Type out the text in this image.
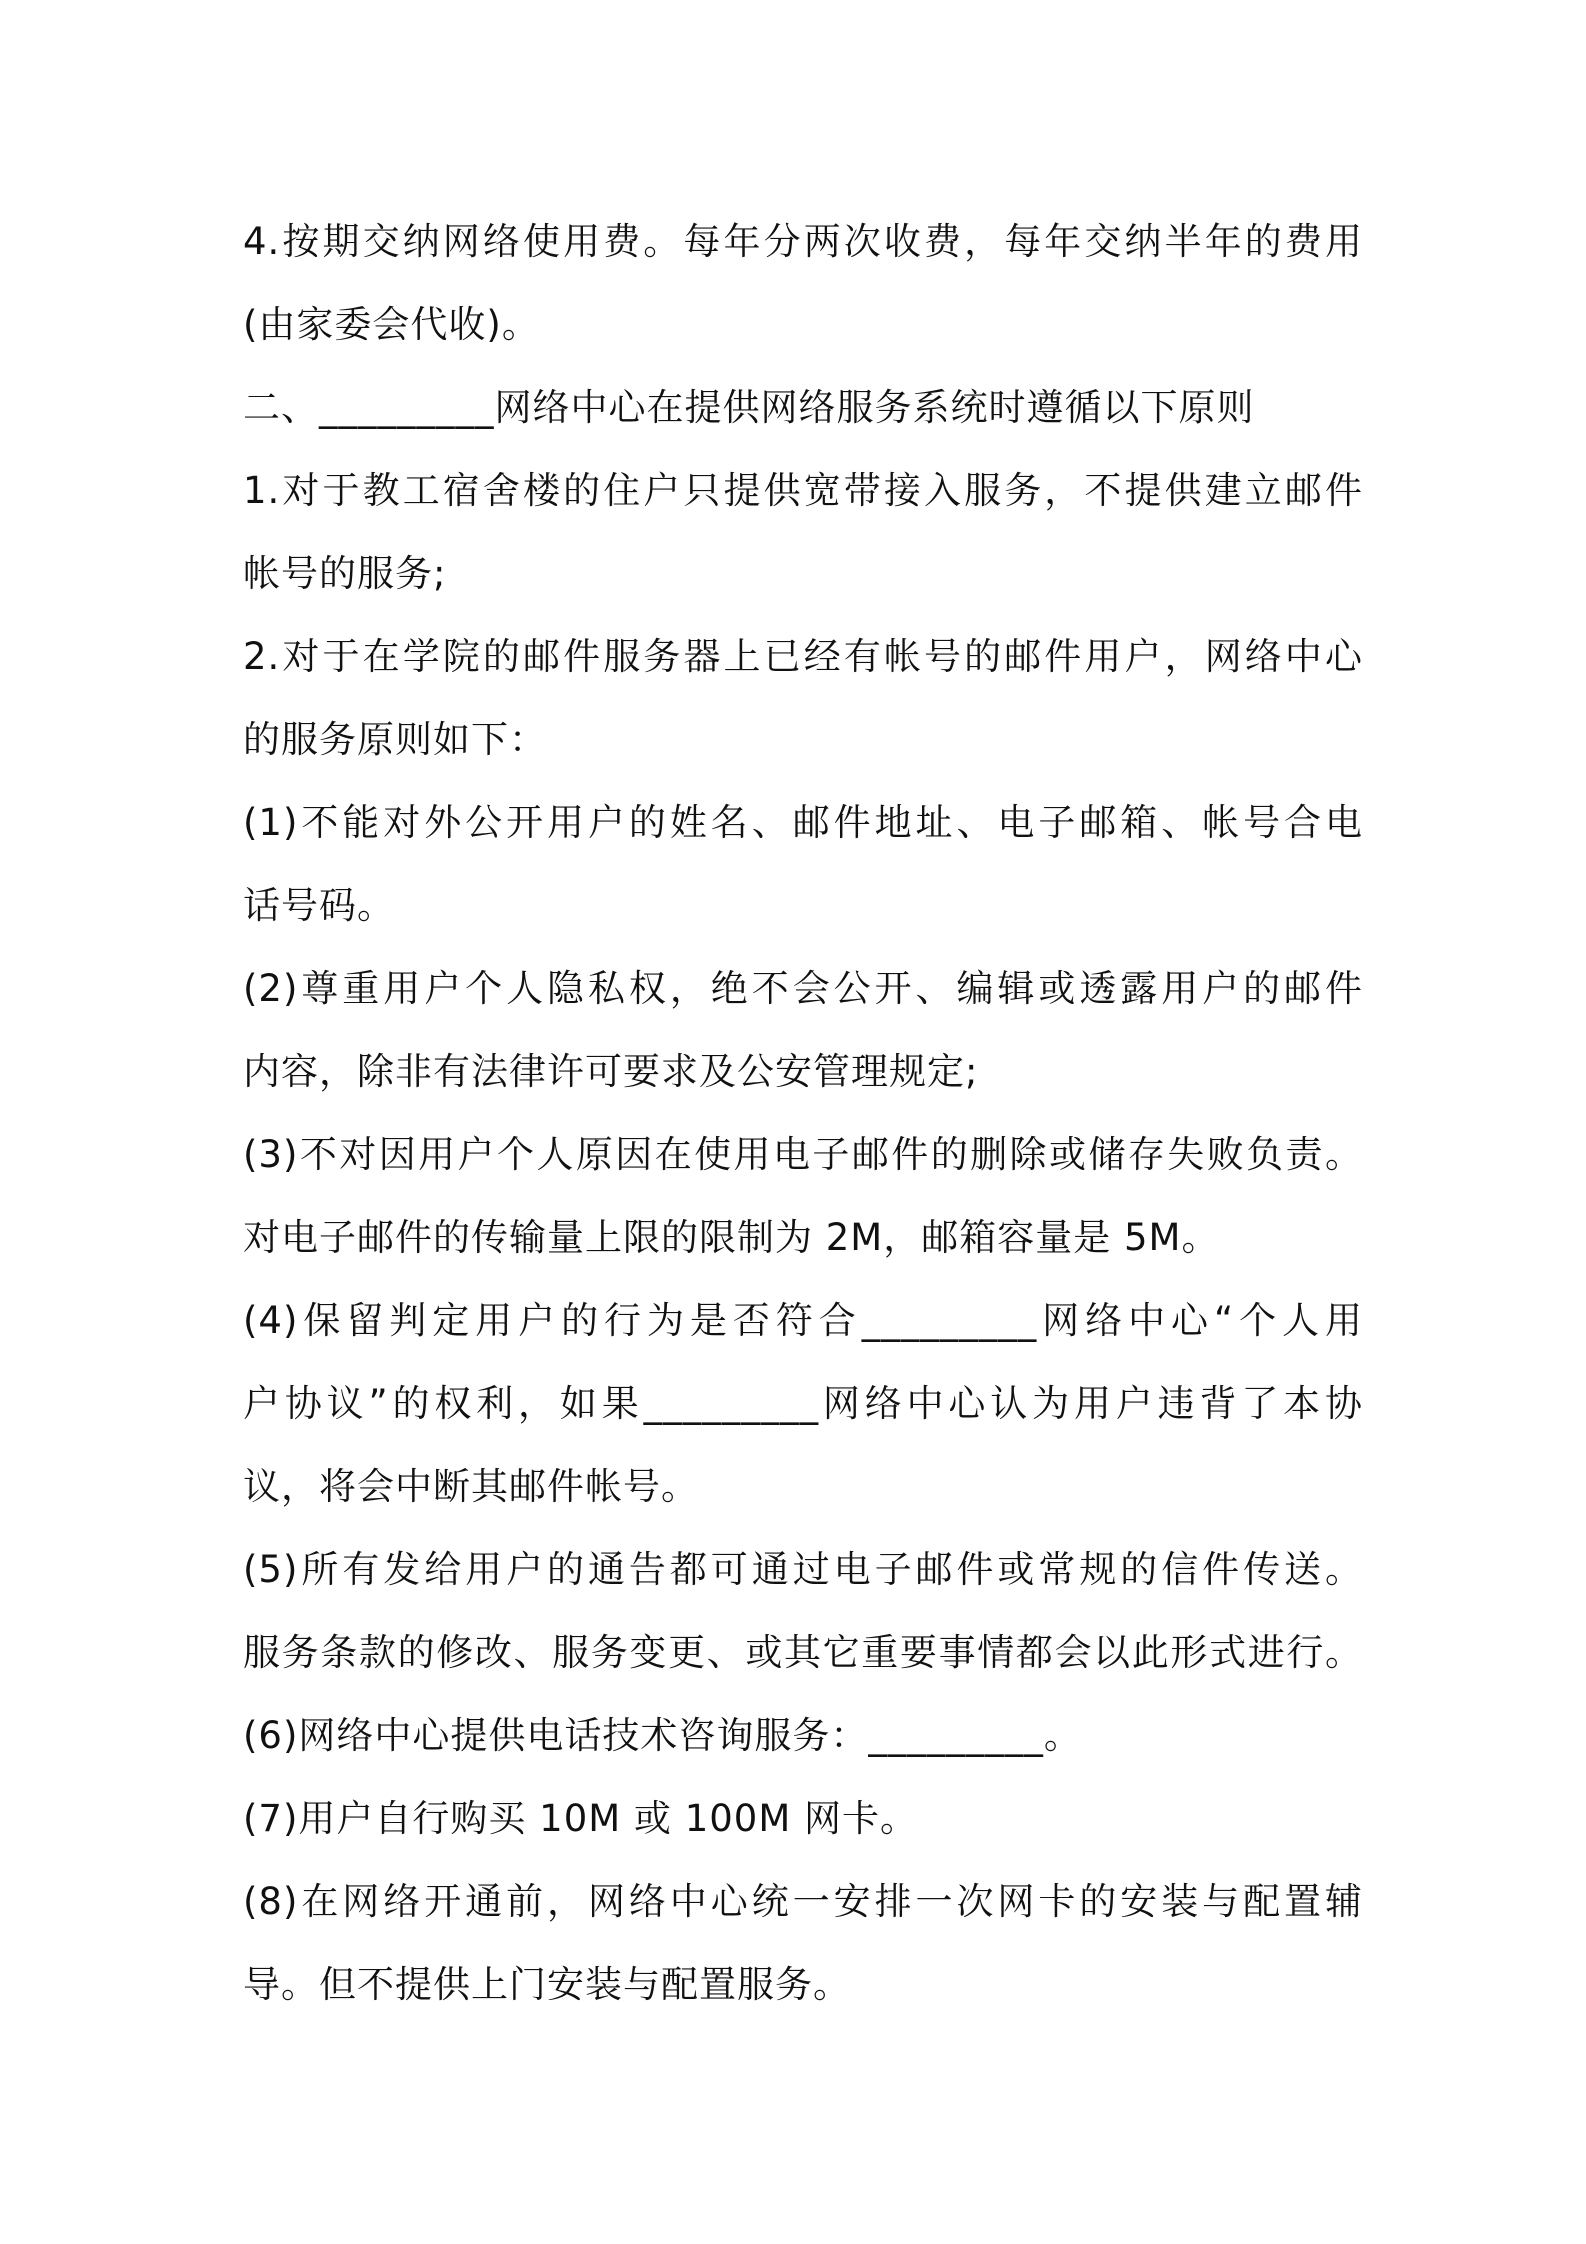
4.按期交纳网络使用费。每年分两次收费，每年交纳半年的费用
(由家委会代收)。
二、_________网络中心在提供网络服务系统时遵循以下原则
1.对于教工宿舍楼的住户只提供宽带接入服务，不提供建立邮件
帐号的服务;
2.对于在学院的邮件服务器上已经有帐号的邮件用户，网络中心
的服务原则如下：
(1)不能对外公开用户的姓名、邮件地址、电子邮箱、帐号合电
话号码。
(2)尊重用户个人隐私权，绝不会公开、编辑或透露用户的邮件
内容，除非有法律许可要求及公安管理规定;
(3)不对因用户个人原因在使用电子邮件的删除或储存失败负责。
对电子邮件的传输量上限的限制为 2M，邮箱容量是 5M。
(4)保留判定用户的行为是否符合_________网络中心“个人用
户协议”的权利，如果_________网络中心认为用户违背了本协
议，将会中断其邮件帐号。
(5)所有发给用户的通告都可通过电子邮件或常规的信件传送。
服务条款的修改、服务变更、或其它重要事情都会以此形式进行。
(6)网络中心提供电话技术咨询服务：_________。
(7)用户自行购买 10M 或 100M 网卡。
(8)在网络开通前，网络中心统一安排一次网卡的安装与配置辅
导。但不提供上门安装与配置服务。
